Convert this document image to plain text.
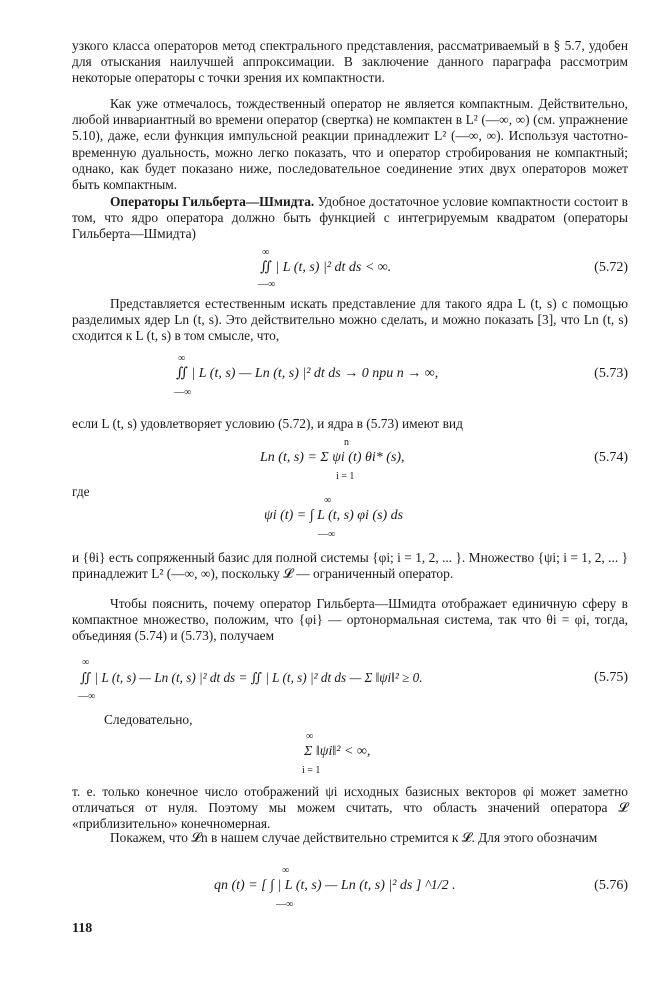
узкого класса операторов метод спектрального представления, рассматриваемый в § 5.7, удобен для отыскания наилучшей аппроксимации. В заключение данного параграфа рассмотрим некоторые операторы с точки зрения их компактности.

Как уже отмечалось, тождественный оператор не является компактным. Действительно, любой инвариантный во времени оператор (свертка) не компактен в L² (—∞, ∞) (см. упражнение 5.10), даже, если функция импульсной реакции принадлежит L² (—∞, ∞). Используя частотно-временную дуальность, можно легко показать, что и оператор стробирования не компактный; однако, как будет показано ниже, последовательное соединение этих двух операторов может быть компактным.

Операторы Гильберта—Шмидта. Удобное достаточное условие компактности состоит в том, что ядро оператора должно быть функцией с интегрируемым квадратом (операторы Гильберта—Шмидта)

∞
—∞
∬ | L (t, s) |² dt ds < ∞.	(5.72)

Представляется естественным искать представление для такого ядра L (t, s) с помощью разделимых ядер Ln (t, s). Это действительно можно сделать, и можно показать [3], что Ln (t, s) сходится к L (t, s) в том смысле, что,

∞
—∞
∬ | L (t, s) — Ln (t, s) |² dt ds → 0 при n → ∞,	(5.73)

если L (t, s) удовлетворяет условию (5.72), и ядра в (5.73) имеют вид

n
i = 1
Ln (t, s) = Σ ψi (t) θi* (s),	(5.74)
где
∞
—∞
ψi (t) = ∫ L (t, s) φi (s) ds

и {θi} есть сопряженный базис для полной системы {φi; i = 1, 2, ... }. Множество {ψi; i = 1, 2, ... } принадлежит L² (—∞, ∞), поскольку 𝓛 — ограниченный оператор.

Чтобы пояснить, почему оператор Гильберта—Шмидта отображает единичную сферу в компактное множество, положим, что {φi} — ортонормальная система, так что θi = φi, тогда, объединяя (5.74) и (5.73), получаем

∞
—∞
∬ | L (t, s) — Ln (t, s) |² dt ds = ∬ | L (t, s) |² dt ds — Σ ‖ψi‖² ≥ 0.	(5.75)
Следовательно,
∞
i = 1
Σ ‖ψi‖² < ∞,

т. е. только конечное число отображений ψi исходных базисных векторов φi может заметно отличаться от нуля. Поэтому мы можем считать, что область значений оператора 𝓛 «приблизительно» конечномерная.

Покажем, что 𝓛n в нашем случае действительно стремится к 𝓛. Для этого обозначим

∞
—∞
qn (t) = [ ∫ | L (t, s) — Ln (t, s) |² ds ] ^1/2 .	(5.76)
118
